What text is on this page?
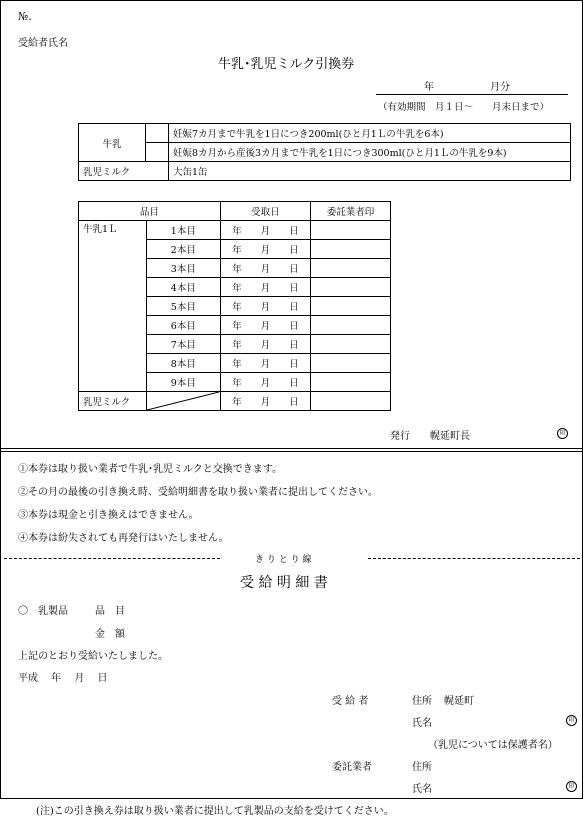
№.
受給者氏名
牛乳･乳児ミルク引換券
年	月分
（有効期間　月１日～　　月末日まで）
牛乳		妊娠7カ月まで牛乳を1日につき200ml(ひと月1Ｌの牛乳を6本)
		妊娠8カ月から産後3カ月まで牛乳を1日につき300ml(ひと月1Ｌの牛乳を9本)
乳児ミルク		大缶1缶
品目		受取日	委託業者印
牛乳1Ｌ	1本目	年　　月　　日	
	2本目	年　　月　　日	
	3本目	年　　月　　日	
	4本目	年　　月　　日	
	5本目	年　　月　　日	
	6本目	年　　月　　日	
	7本目	年　　月　　日	
	8本目	年　　月　　日	
	9本目	年　　月　　日	
乳児ミルク		年　　月　　日	
発行 幌延町長	印
①本券は取り扱い業者で牛乳･乳児ミルクと交換できます。
②その月の最後の引き換え時、受給明細書を取り扱い業者に提出してください。
③本券は現金と引き換えはできません。
④本券は紛失されても再発行はいたしません。
き り と り 線
受 給 明 細 書
〇　乳製品	品　目
金　額
上記のとおり受給いたしました。
平成　 年　 月　 日
受 給 者	住所 幌延町
氏名	印
（乳児については保護者名）
委託業者	住所
氏名	印
(注)この引き換え券は取り扱い業者に提出して乳製品の支給を受けてください。
